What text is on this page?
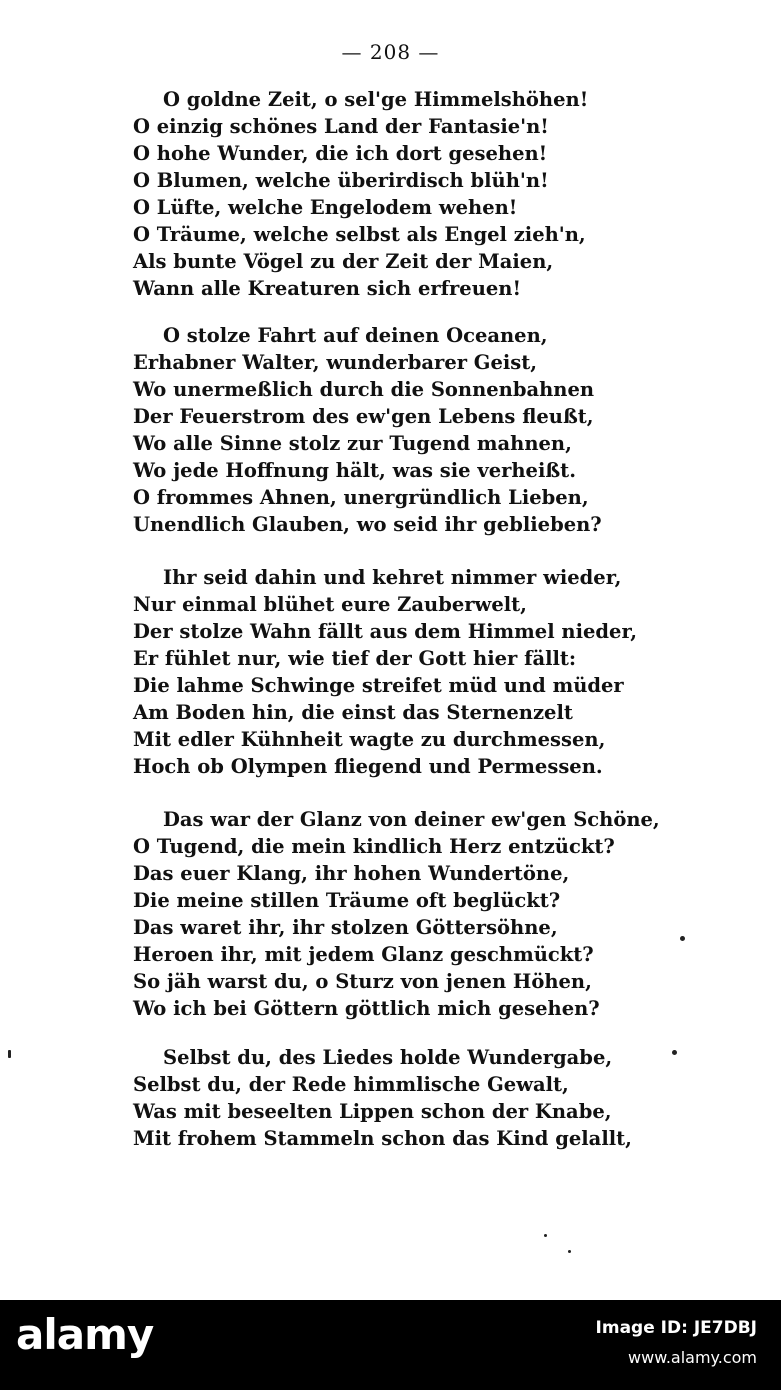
— 208 —
O goldne Zeit, o sel'ge Himmelshöhen!
O einzig schönes Land der Fantasie'n!
O hohe Wunder, die ich dort gesehen!
O Blumen, welche überirdisch blüh'n!
O Lüfte, welche Engelodem wehen!
O Träume, welche selbst als Engel zieh'n,
Als bunte Vögel zu der Zeit der Maien,
Wann alle Kreaturen sich erfreuen!
O stolze Fahrt auf deinen Oceanen,
Erhabner Walter, wunderbarer Geist,
Wo unermeßlich durch die Sonnenbahnen
Der Feuerstrom des ew'gen Lebens fleußt,
Wo alle Sinne stolz zur Tugend mahnen,
Wo jede Hoffnung hält, was sie verheißt.
O frommes Ahnen, unergründlich Lieben,
Unendlich Glauben, wo seid ihr geblieben?
Ihr seid dahin und kehret nimmer wieder,
Nur einmal blühet eure Zauberwelt,
Der stolze Wahn fällt aus dem Himmel nieder,
Er fühlet nur, wie tief der Gott hier fällt:
Die lahme Schwinge streifet müd und müder
Am Boden hin, die einst das Sternenzelt
Mit edler Kühnheit wagte zu durchmessen,
Hoch ob Olympen fliegend und Permessen.
Das war der Glanz von deiner ew'gen Schöne,
O Tugend, die mein kindlich Herz entzückt?
Das euer Klang, ihr hohen Wundertöne,
Die meine stillen Träume oft beglückt?
Das waret ihr, ihr stolzen Göttersöhne,
Heroen ihr, mit jedem Glanz geschmückt?
So jäh warst du, o Sturz von jenen Höhen,
Wo ich bei Göttern göttlich mich gesehen?
Selbst du, des Liedes holde Wundergabe,
Selbst du, der Rede himmlische Gewalt,
Was mit beseelten Lippen schon der Knabe,
Mit frohem Stammeln schon das Kind gelallt,
alamy	Image ID: JE7DBJ
www.alamy.com
